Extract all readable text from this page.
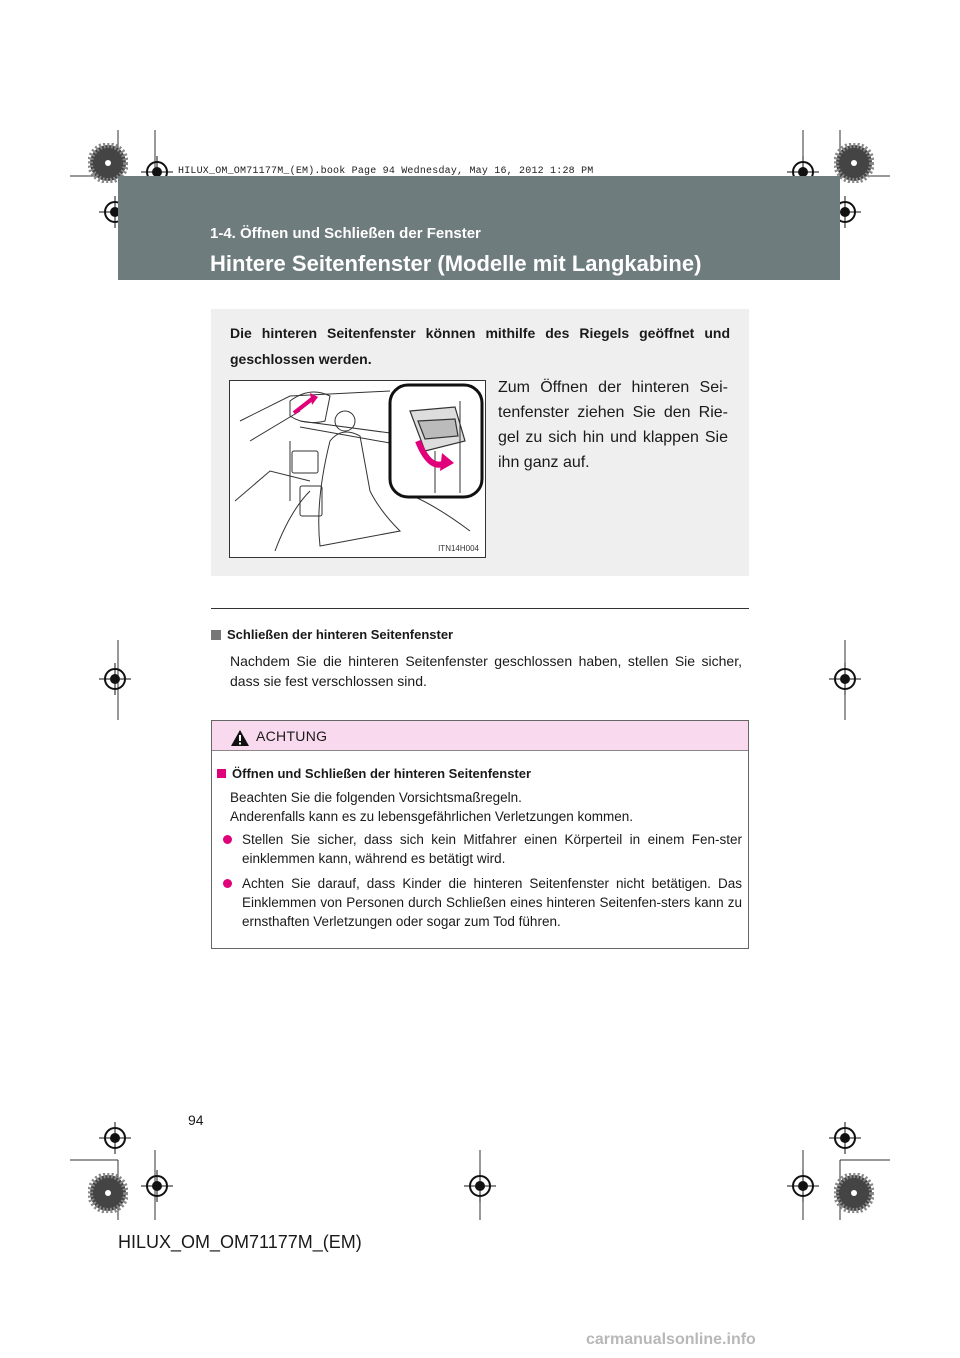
HILUX_OM_OM71177M_(EM).book Page 94 Wednesday, May 16, 2012 1:28 PM
1-4. Öffnen und Schließen der Fenster
Hintere Seitenfenster (Modelle mit Langkabine)
Die hinteren Seitenfenster können mithilfe des Riegels geöffnet und geschlossen werden.
ITN14H004
Zum Öffnen der hinteren Sei-tenfenster ziehen Sie den Rie-gel zu sich hin und klappen Sie ihn ganz auf.
Schließen der hinteren Seitenfenster
Nachdem Sie die hinteren Seitenfenster geschlossen haben, stellen Sie sicher, dass sie fest verschlossen sind.
ACHTUNG
Öffnen und Schließen der hinteren Seitenfenster
Beachten Sie die folgenden Vorsichtsmaßregeln.
Anderenfalls kann es zu lebensgefährlichen Verletzungen kommen.
Stellen Sie sicher, dass sich kein Mitfahrer einen Körperteil in einem Fen-ster einklemmen kann, während es betätigt wird.
Achten Sie darauf, dass Kinder die hinteren Seitenfenster nicht betätigen. Das Einklemmen von Personen durch Schließen eines hinteren Seitenfen-sters kann zu ernsthaften Verletzungen oder sogar zum Tod führen.
94
HILUX_OM_OM71177M_(EM)
carmanualsonline.info
